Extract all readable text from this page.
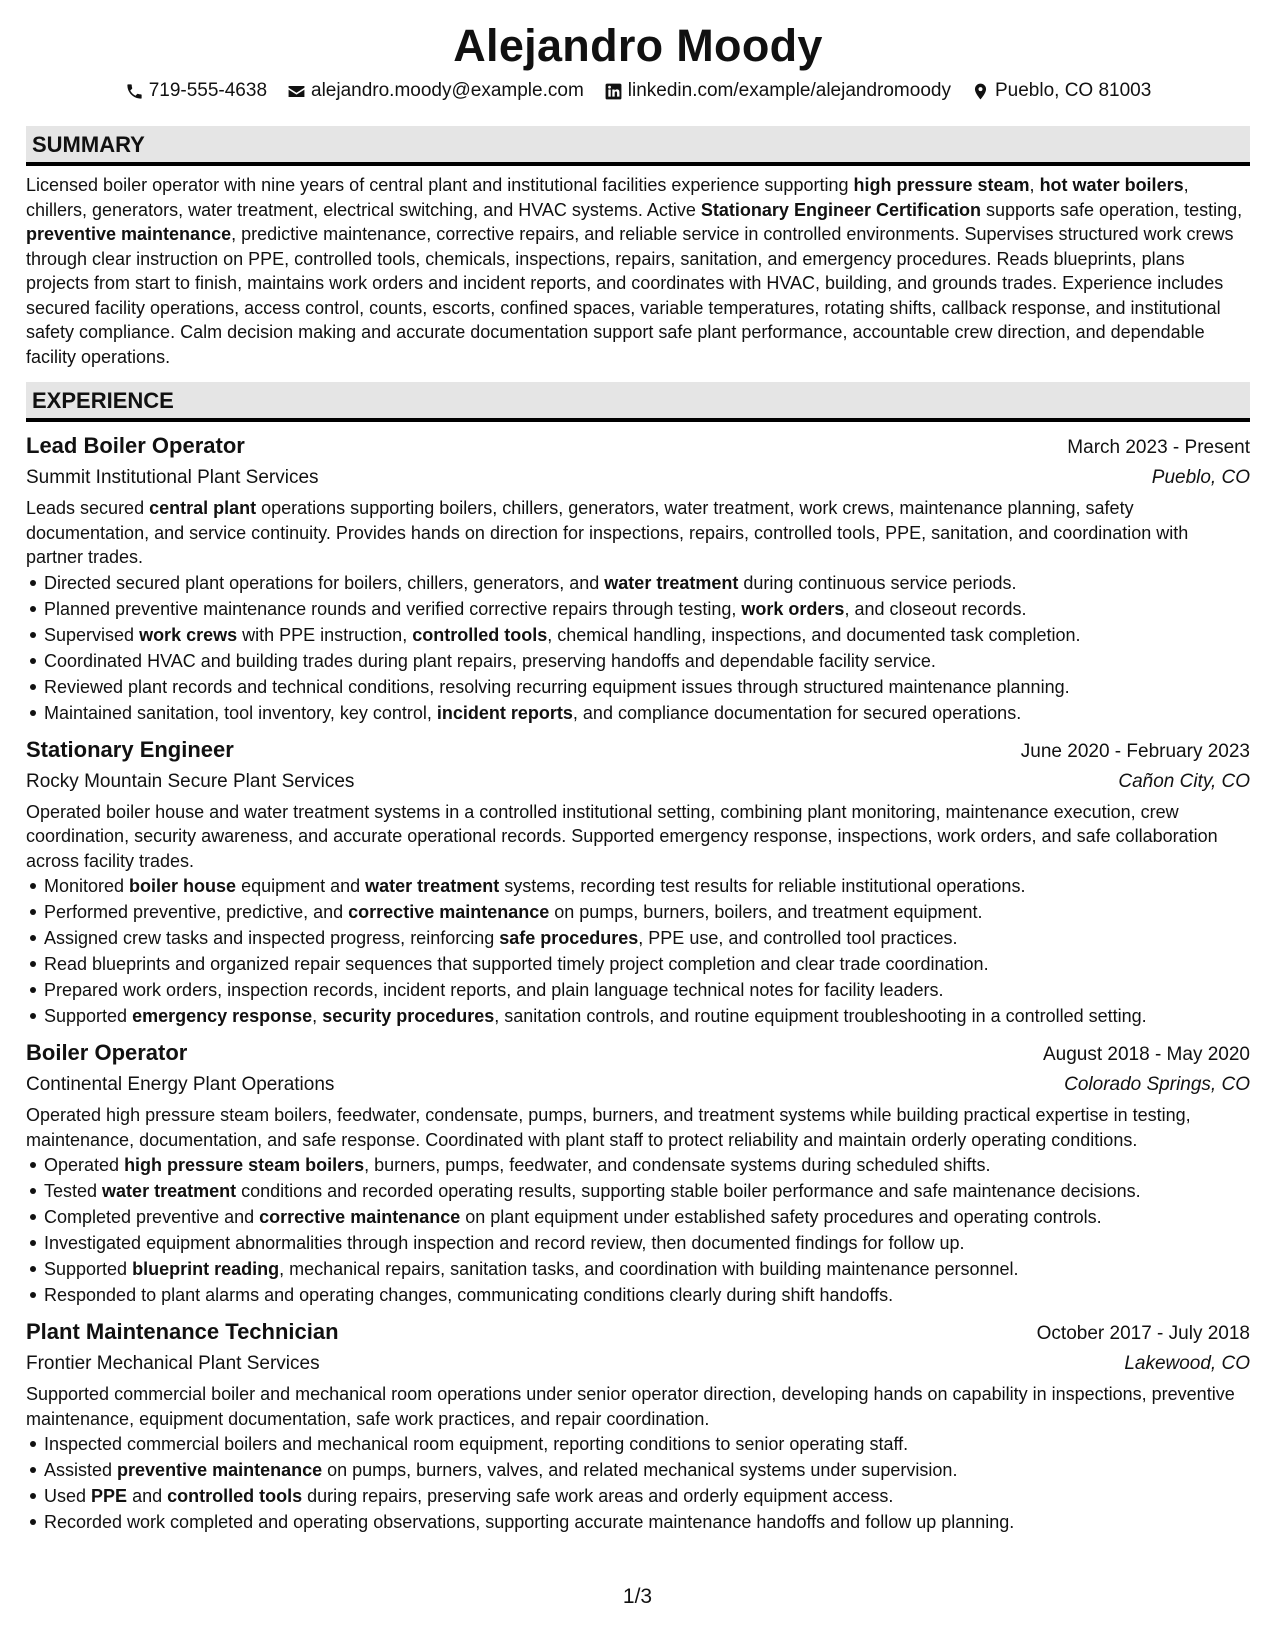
Alejandro Moody
719-555-4638 alejandro.moody@example.com linkedin.com/example/alejandromoody Pueblo, CO 81003
SUMMARY

Licensed boiler operator with nine years of central plant and institutional facilities experience supporting high pressure steam, hot water boilers, chillers, generators, water treatment, electrical switching, and HVAC systems. Active Stationary Engineer Certification supports safe operation, testing, preventive maintenance, predictive maintenance, corrective repairs, and reliable service in controlled environments. Supervises structured work crews through clear instruction on PPE, controlled tools, chemicals, inspections, repairs, sanitation, and emergency procedures. Reads blueprints, plans projects from start to finish, maintains work orders and incident reports, and coordinates with HVAC, building, and grounds trades. Experience includes secured facility operations, access control, counts, escorts, confined spaces, variable temperatures, rotating shifts, callback response, and institutional safety compliance. Calm decision making and accurate documentation support safe plant performance, accountable crew direction, and dependable facility operations.

EXPERIENCE
Lead Boiler Operator	March 2023 - Present
Summit Institutional Plant Services	Pueblo, CO

Leads secured central plant operations supporting boilers, chillers, generators, water treatment, work crews, maintenance planning, safety documentation, and service continuity. Provides hands on direction for inspections, repairs, controlled tools, PPE, sanitation, and coordination with partner trades.

Directed secured plant operations for boilers, chillers, generators, and water treatment during continuous service periods.
Planned preventive maintenance rounds and verified corrective repairs through testing, work orders, and closeout records.
Supervised work crews with PPE instruction, controlled tools, chemical handling, inspections, and documented task completion.
Coordinated HVAC and building trades during plant repairs, preserving handoffs and dependable facility service.
Reviewed plant records and technical conditions, resolving recurring equipment issues through structured maintenance planning.
Maintained sanitation, tool inventory, key control, incident reports, and compliance documentation for secured operations.
Stationary Engineer	June 2020 - February 2023
Rocky Mountain Secure Plant Services	Cañon City, CO

Operated boiler house and water treatment systems in a controlled institutional setting, combining plant monitoring, maintenance execution, crew coordination, security awareness, and accurate operational records. Supported emergency response, inspections, work orders, and safe collaboration across facility trades.

Monitored boiler house equipment and water treatment systems, recording test results for reliable institutional operations.
Performed preventive, predictive, and corrective maintenance on pumps, burners, boilers, and treatment equipment.
Assigned crew tasks and inspected progress, reinforcing safe procedures, PPE use, and controlled tool practices.
Read blueprints and organized repair sequences that supported timely project completion and clear trade coordination.
Prepared work orders, inspection records, incident reports, and plain language technical notes for facility leaders.
Supported emergency response, security procedures, sanitation controls, and routine equipment troubleshooting in a controlled setting.
Boiler Operator	August 2018 - May 2020
Continental Energy Plant Operations	Colorado Springs, CO

Operated high pressure steam boilers, feedwater, condensate, pumps, burners, and treatment systems while building practical expertise in testing, maintenance, documentation, and safe response. Coordinated with plant staff to protect reliability and maintain orderly operating conditions.

Operated high pressure steam boilers, burners, pumps, feedwater, and condensate systems during scheduled shifts.
Tested water treatment conditions and recorded operating results, supporting stable boiler performance and safe maintenance decisions.
Completed preventive and corrective maintenance on plant equipment under established safety procedures and operating controls.
Investigated equipment abnormalities through inspection and record review, then documented findings for follow up.
Supported blueprint reading, mechanical repairs, sanitation tasks, and coordination with building maintenance personnel.
Responded to plant alarms and operating changes, communicating conditions clearly during shift handoffs.
Plant Maintenance Technician	October 2017 - July 2018
Frontier Mechanical Plant Services	Lakewood, CO

Supported commercial boiler and mechanical room operations under senior operator direction, developing hands on capability in inspections, preventive maintenance, equipment documentation, safe work practices, and repair coordination.

Inspected commercial boilers and mechanical room equipment, reporting conditions to senior operating staff.
Assisted preventive maintenance on pumps, burners, valves, and related mechanical systems under supervision.
Used PPE and controlled tools during repairs, preserving safe work areas and orderly equipment access.
Recorded work completed and operating observations, supporting accurate maintenance handoffs and follow up planning.
1/3
